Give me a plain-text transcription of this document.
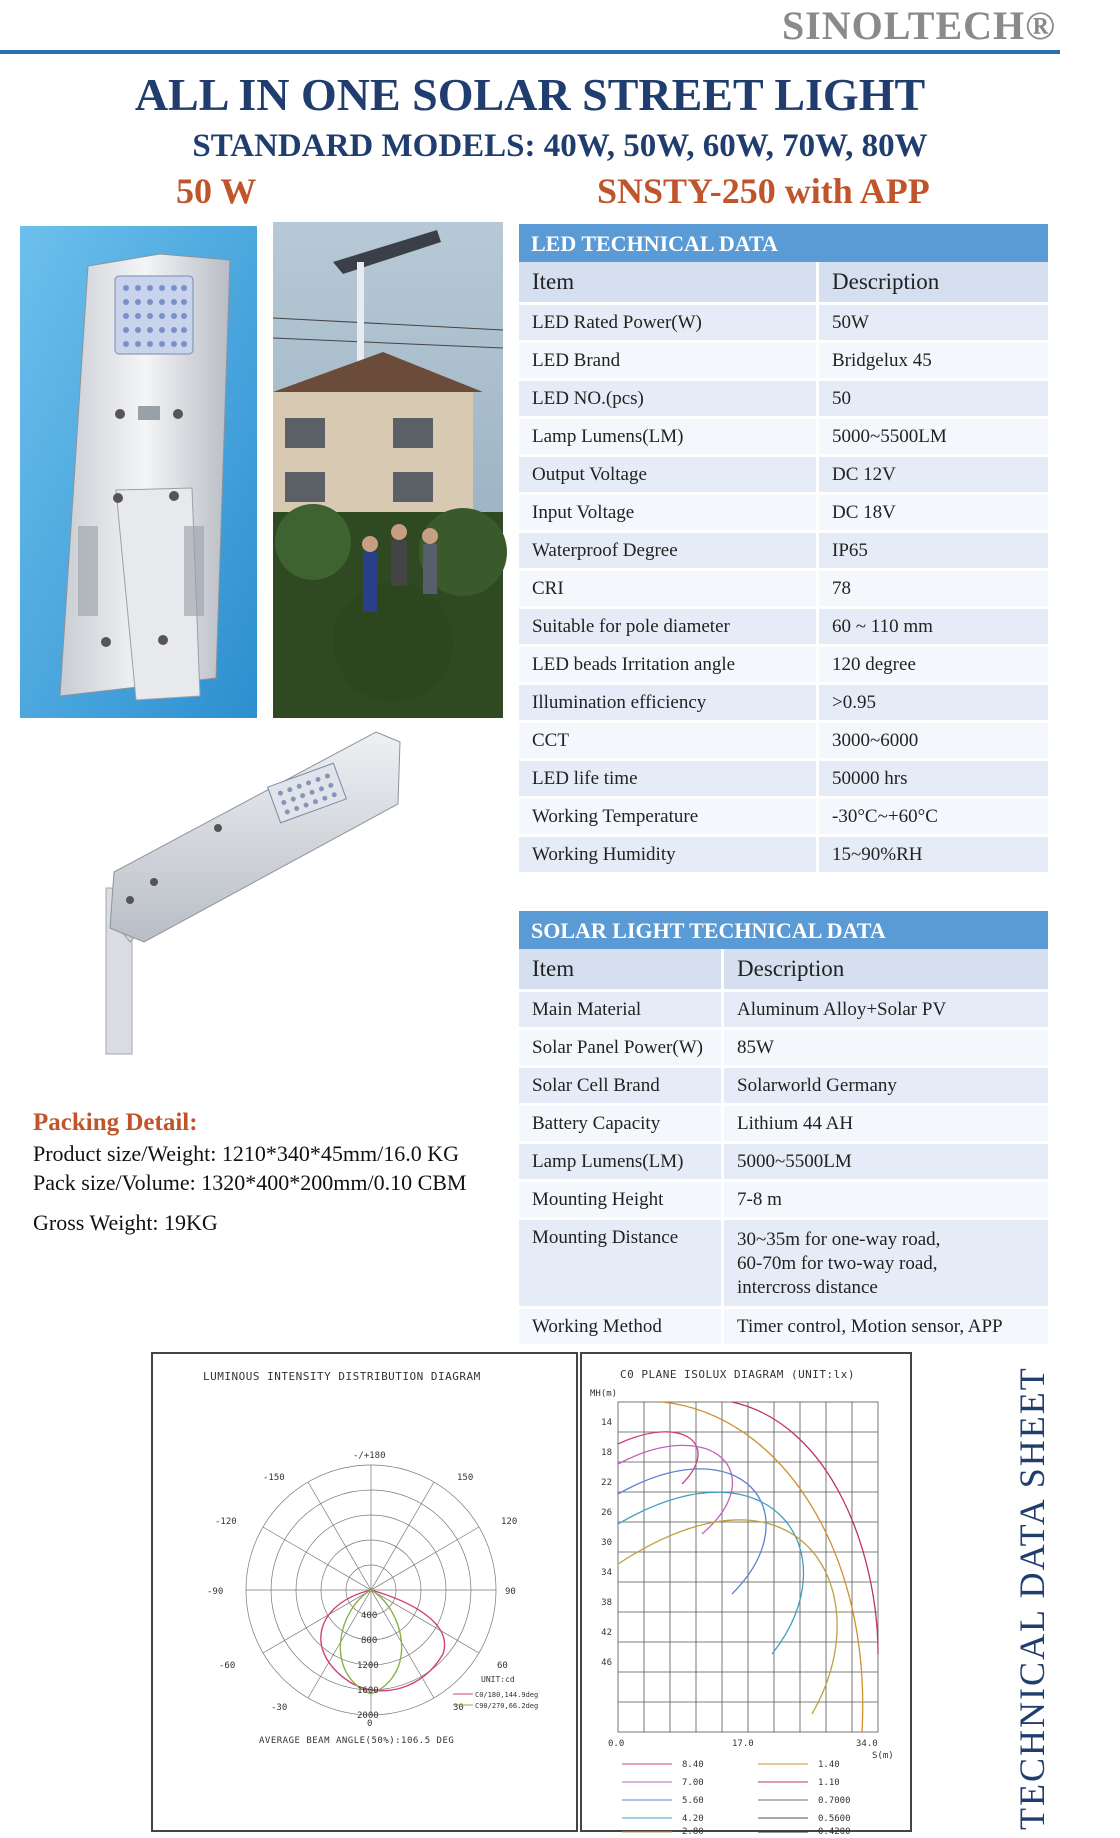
SINOLTECH®
ALL IN ONE SOLAR STREET LIGHT
STANDARD MODELS: 40W, 50W, 60W, 70W, 80W
50 W	SNSTY-250 with APP
LED TECHNICAL DATA
Item	Description
LED Rated Power(W)	50W
LED Brand	Bridgelux 45
LED NO.(pcs)	50
Lamp Lumens(LM)	5000~5500LM
Output Voltage	DC 12V
Input Voltage	DC 18V
Waterproof Degree	IP65
CRI	78
Suitable for pole diameter	60 ~ 110 mm
LED beads Irritation angle	120 degree
Illumination efficiency	>0.95
CCT	3000~6000
LED life time	50000 hrs
Working Temperature	-30°C~+60°C
Working Humidity	15~90%RH
SOLAR LIGHT TECHNICAL DATA
Item	Description
Main Material	Aluminum Alloy+Solar PV
Solar Panel Power(W)	85W
Solar Cell Brand	Solarworld Germany
Battery Capacity	Lithium 44 AH
Lamp Lumens(LM)	5000~5500LM
Mounting Height	7-8 m
Mounting Distance	30~35m for one-way road,
60-70m for two-way road,
intercross distance
Working Method	Timer control, Motion sensor, APP
Packing Detail:
Product size/Weight: 1210*340*45mm/16.0 KG
Pack size/Volume: 1320*400*200mm/0.10 CBM
Gross Weight: 19KG
LUMINOUS INTENSITY DISTRIBUTION DIAGRAM
-/+180
-150	150
-120	120
-90	90
-60	60
-30	30
0
400
800
1200
1600
2000
UNIT:cd
C0/180,144.9deg
C90/270,66.2deg
AVERAGE BEAM ANGLE(50%):106.5 DEG
C0 PLANE ISOLUX DIAGRAM (UNIT:lx)
MH(m)
14
18
22
26
30
34
38
42
46
0.0	17.0	34.0
S(m)
8.40
7.00
5.60
4.20
2.80
1.40
1.10
0.7000
0.5600
0.4200
TECHNICAL DATA SHEET
